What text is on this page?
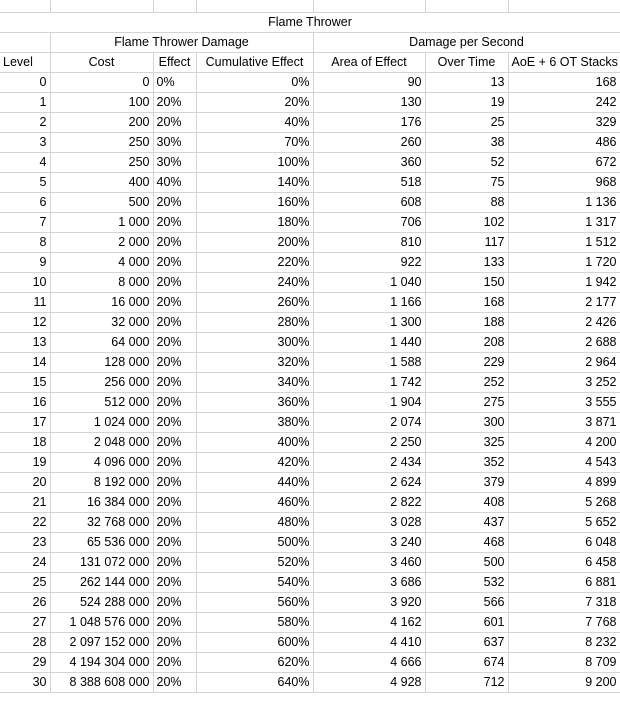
Flame Thrower						
	Flame Thrower Damage			Damage per Second		
Level	Cost	Effect	Cumulative Effect	Area of Effect	Over Time	AoE + 6 OT Stacks
0	0	0%	0%	90	13	168
1	100	20%	20%	130	19	242
2	200	20%	40%	176	25	329
3	250	30%	70%	260	38	486
4	250	30%	100%	360	52	672
5	400	40%	140%	518	75	968
6	500	20%	160%	608	88	1 136
7	1 000	20%	180%	706	102	1 317
8	2 000	20%	200%	810	117	1 512
9	4 000	20%	220%	922	133	1 720
10	8 000	20%	240%	1 040	150	1 942
11	16 000	20%	260%	1 166	168	2 177
12	32 000	20%	280%	1 300	188	2 426
13	64 000	20%	300%	1 440	208	2 688
14	128 000	20%	320%	1 588	229	2 964
15	256 000	20%	340%	1 742	252	3 252
16	512 000	20%	360%	1 904	275	3 555
17	1 024 000	20%	380%	2 074	300	3 871
18	2 048 000	20%	400%	2 250	325	4 200
19	4 096 000	20%	420%	2 434	352	4 543
20	8 192 000	20%	440%	2 624	379	4 899
21	16 384 000	20%	460%	2 822	408	5 268
22	32 768 000	20%	480%	3 028	437	5 652
23	65 536 000	20%	500%	3 240	468	6 048
24	131 072 000	20%	520%	3 460	500	6 458
25	262 144 000	20%	540%	3 686	532	6 881
26	524 288 000	20%	560%	3 920	566	7 318
27	1 048 576 000	20%	580%	4 162	601	7 768
28	2 097 152 000	20%	600%	4 410	637	8 232
29	4 194 304 000	20%	620%	4 666	674	8 709
30	8 388 608 000	20%	640%	4 928	712	9 200
